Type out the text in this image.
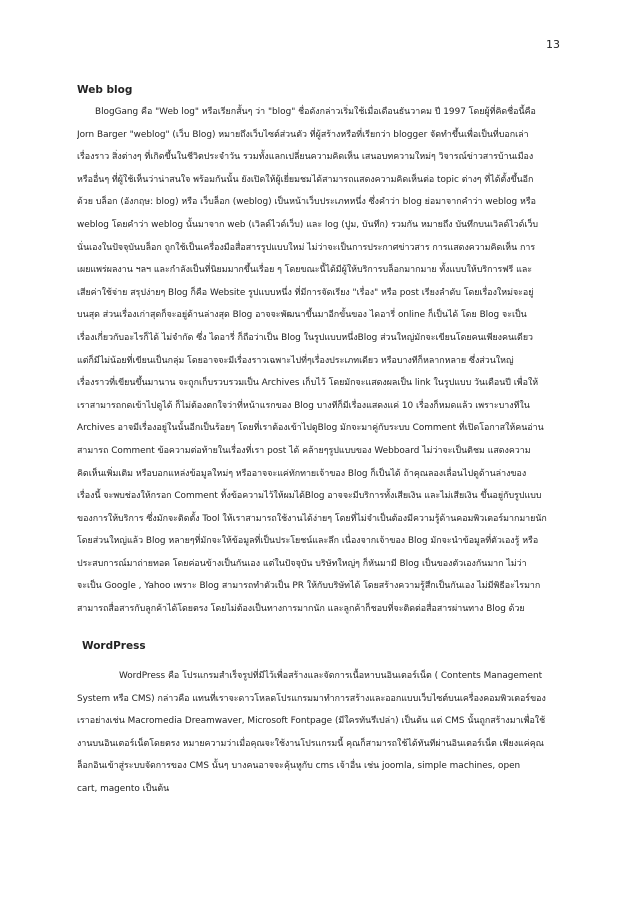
13
Web blog
BlogGang คือ "Web log" หรือเรียกสั้นๆ ว่า "blog" ชื่อดังกล่าวเริ่มใช้เมื่อเดือนธันวาคม ปี 1997 โดยผู้ที่คิดชื่อนี้คือ
Jorn Barger "weblog" (เว็บ Blog) หมายถึงเว็บไซต์ส่วนตัว ที่ผู้สร้างหรือที่เรียกว่า blogger จัดทำขึ้นเพื่อเป็นที่บอกเล่า
เรื่องราว สิ่งต่างๆ ที่เกิดขึ้นในชีวิตประจำวัน รวมทั้งแลกเปลี่ยนความคิดเห็น เสนอบทความใหม่ๆ วิจารณ์ข่าวสารบ้านเมือง
หรืออื่นๆ ที่ผู้ใช้เห็นว่าน่าสนใจ พร้อมกันนั้น ยังเปิดให้ผู้เยี่ยมชมได้สามารถแสดงความคิดเห็นต่อ topic ต่างๆ ที่ได้ตั้งขึ้นอีก
ด้วย บล็อก (อังกฤษ: blog) หรือ เว็บล็อก (weblog) เป็นหน้าเว็บประเภทหนึ่ง ซึ่งคำว่า blog ย่อมาจากคำว่า weblog หรือ
weblog โดยคำว่า weblog นั้นมาจาก web (เวิลด์ไวด์เว็บ) และ log (ปูม, บันทึก) รวมกัน หมายถึง บันทึกบนเวิลด์ไวด์เว็บ
นั่นเองในปัจจุบันบล็อก ถูกใช้เป็นเครื่องมือสื่อสารรูปแบบใหม่ ไม่ว่าจะเป็นการประกาศข่าวสาร การแสดงความคิดเห็น การ
เผยแพร่ผลงาน ฯลฯ และกำลังเป็นที่นิยมมากขึ้นเรื่อย ๆ โดยขณะนี้ได้มีผู้ให้บริการบล็อกมากมาย ทั้งแบบให้บริการฟรี และ
เสียค่าใช้จ่าย สรุปง่ายๆ Blog ก็คือ Website รูปแบบหนึ่ง ที่มีการจัดเรียง "เรื่อง" หรือ post เรียงลำดับ โดยเรื่องใหม่จะอยู่
บนสุด ส่วนเรื่องเก่าสุดก็จะอยู่ด้านล่างสุด Blog อาจจะพัฒนาขึ้นมาอีกขั้นของ ไดอารี่ online ก็เป็นได้ โดย Blog จะเป็น
เรื่องเกี่ยวกับอะไรก็ได้ ไม่จำกัด ซึ่ง ไดอารี่ ก็ถือว่าเป็น Blog ในรูปแบบหนึ่งBlog ส่วนใหญ่มักจะเขียนโดยคนเพียงคนเดียว
แต่ก็มีไม่น้อยที่เขียนเป็นกลุ่ม โดยอาจจะมีเรื่องราวเฉพาะไปที่ๆเรื่องประเภทเดียว หรือบางทีก็หลากหลาย ซึ่งส่วนใหญ่
เรื่องราวที่เขียนขึ้นมานาน จะถูกเก็บรวบรวมเป็น Archives เก็บไว้ โดยมักจะแสดงผลเป็น link ในรูปแบบ วันเดือนปี เพื่อให้
เราสามารถกดเข้าไปดูได้ ก็ไม่ต้องตกใจว่าที่หน้าแรกของ Blog บางทีก็มีเรื่องแสดงแค่ 10 เรื่องก็หมดแล้ว เพราะบางทีใน
Archives อาจมีเรื่องอยู่ในนั้นอีกเป็นร้อยๆ โดยที่เราต้องเข้าไปดูBlog มักจะมาคู่กับระบบ Comment ที่เปิดโอกาสให้คนอ่าน
สามารถ Comment ข้อความต่อท้ายในเรื่องที่เรา post ได้ คล้ายๆรูปแบบของ Webboard ไม่ว่าจะเป็นติชม แสดงความ
คิดเห็นเพิ่มเติม หรือบอกแหล่งข้อมูลใหม่ๆ หรืออาจจะแค่ทักทายเจ้าของ Blog ก็เป็นได้ ถ้าคุณลองเลื่อนไปดูด้านล่างของ
เรื่องนี้ จะพบช่องให้กรอก Comment ทิ้งข้อความไว้ให้ผมได้Blog อาจจะมีบริการทั้งเสียเงิน และไม่เสียเงิน ขึ้นอยู่กับรูปแบบ
ของการให้บริการ ซึ่งมักจะติดตั้ง Tool ให้เราสามารถใช้งานได้ง่ายๆ โดยที่ไม่จำเป็นต้องมีความรู้ด้านคอมพิวเตอร์มากมายนัก
โดยส่วนใหญ่แล้ว Blog หลายๆที่มักจะให้ข้อมูลที่เป็นประโยชน์และลึก เนื่องจากเจ้าของ Blog มักจะนำข้อมูลที่ตัวเองรู้ หรือ
ประสบการณ์มาถ่ายทอด โดยค่อนข้างเป็นกันเอง แต่ในปัจจุบัน บริษัทใหญ่ๆ ก็หันมามี Blog เป็นของตัวเองกันมาก ไม่ว่า
จะเป็น Google , Yahoo เพราะ Blog สามารถทำตัวเป็น PR ให้กับบริษัทได้ โดยสร้างความรู้สึกเป็นกันเอง ไม่มีพิธีอะไรมาก
สามารถสื่อสารกับลูกค้าได้โดยตรง โดยไม่ต้องเป็นทางการมากนัก และลูกค้าก็ชอบที่จะติดต่อสื่อสารผ่านทาง Blog ด้วย
WordPress
WordPress คือ โปรแกรมสำเร็จรูปที่มีไว้เพื่อสร้างและจัดการเนื้อหาบนอินเตอร์เน็ต ( Contents Management
System หรือ CMS) กล่าวคือ แทนที่เราจะดาวโหลดโปรแกรมมาทำการสร้างและออกแบบเว็บไซต์บนเครื่องคอมพิวเตอร์ของ
เราอย่างเช่น Macromedia Dreamwaver, Microsoft Fontpage (มีใครทันรึเปล่า) เป็นต้น แต่ CMS นั้นถูกสร้างมาเพื่อใช้
งานบนอินเตอร์เน็ตโดยตรง หมายความว่าเมื่อคุณจะใช้งานโปรแกรมนี้ คุณก็สามารถใช้ได้ทันทีผ่านอินเตอร์เน็ต เพียงแค่คุณ
ล็อกอินเข้าสู่ระบบจัดการของ CMS นั้นๆ บางคนอาจจะคุ้นหูกับ cms เจ้าอื่น เช่น joomla, simple machines, open
cart, magento เป็นต้น
